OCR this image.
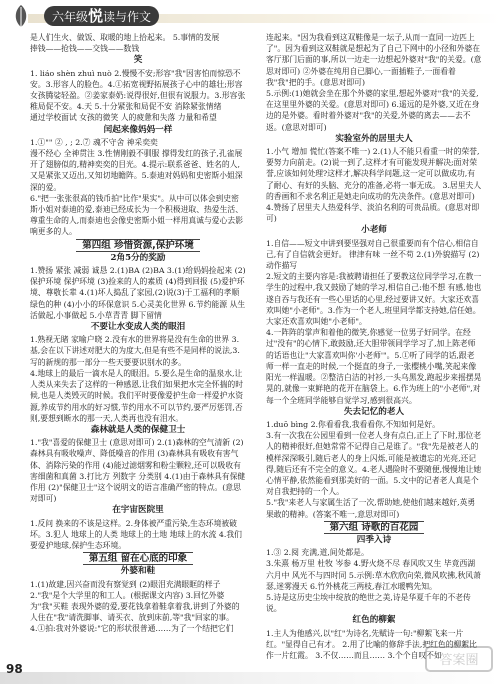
六年级悦读与作文

是人们生火、做饭、取暖的地上拾起来。 5.事情的发展

捧钱——抢钱——交钱——数钱

笑

1. liáo shèn zhuì nuò 2.慢慢不安;形容"我"因害怕而惊恐不安。3.形容人的脸色。4.①拓宽视野拓展孩子心中的雄壮;形容女孩腾娑轻盈。②姜家泰奶:说得很好,但很有说服力。3.形容张稚局促不安。4.天 5.十分紧张和局促不安 消除紧张情绪

通过学校面试 女孩的微笑 人的疲惫和失落 力量和希望

闰起来像妈妈一样

1.①"" ② , ; 2.⑦ 魂不守舍 神采奕奕

漫不经心 全神贯注 3.性情刚毅不驯服 撑得发红的孩子,孔雀展开了翅膀似的,精神奕奕的目光。4.提示:联系爸爸、姓名的人,又是紧张又迈出,又知切地瞻阵。5.泰迪对妈妈和史密斯小姐深深的爱。

6."把一张张很高的钱币拍"比作"果实"。从中可以体会到史密斯小姐对泰迪的爱,泰迪已经成长为一个积极进取、热爱生活、尊重生命的人,而泰迪也会像史密斯小姐一样用真诚与爱心去影响更多的人。

第四组 珍惜资源,保护环境
2角5分的奖励

1.赞扬 紧张 减弱 诚恳 2.(1)BA (2)BA 3.(1)给妈妈捡起来 (2)保护环境 保护环境 (3)捡来的人的素质 (4)得到回报 (5)爱护环境、尊敬长辈 4.(1)坏人捣乱了家园,(2)说(3)于工福利的孝顺 绿色的种 (4)小小的环保意识 5.心灵美化世界 6.节约能源 从生活做起,小事做起 5.小草青青 脚下留情

不要让水变成人类的眼泪

1.熟视无睹 家喻户晓 2.没有水的世界将是没有生命的世界 3.基,会在以下讲述对肥大的为度大,但是有些不是同样的说法,3.写的新规的那一部分一些天要要识别水的多。

4.地球上的最后一滴水是人的眼泪。5.要么是生命的温泉水,让人类从来失去了这样的一种感恩,让我们如果把水完全怀揣的时候,也是人类毁灭的时候。我们平时要像爱护生命一样爱护水资源,养成节约用水的好习惯,节约用水不可以节约,要严厉惩罚,否则,要想到断水的那一天,人类再也没有泪水。

森林就是人类的保健卫士

1."我"喜爱的保健卫士 (意思对即可) 2.(1)森林的空气清新 (2)森林具有吸收噪声、降低噪音的作用 (3)森林具有吸收有害气体、消除污染的作用 (4)能过滤烟雾和粉尘颗粒,还可以吸收有害细菌和真菌 3.打比方 列数字 分类别 4.(1)由于森林具有保健作用 (2)"保健卫士"这个说明文的语言准确严密的特点。(意思对即可)

在宇宙医院里

1.反问 换来的不该是这样。2.身体被严重污染,生态环境被破坏。3.犯人 地球上的人类 地球上的土地 地球上的水流 4.我们要爱护地球,保护生态环境。

第五组 留在心底的印象
外婆和鞋

1.(1)故建,因兴奋而没有察觉到 (2)眼泪充满眼眶的样子 2."我"是个大学里的和工人。(根据课文内容) 3.回忆外婆为"我"买鞋 表现外婆的爱,要花钱拿着鞋拿着我,讲到了外婆的人住在"我"请洗脚事、请买衣、放到床前,等"我"回家的事。4.①拍:我对外婆说:"它的形状很普通……为了一个结把它们

连起来。"因为我看到这双鞋像是一坛子,从而一直同一边匹上了"。因为看到这双鞋就是想起为了自己下网中的小径和外婆在客厅那门后面的事,所以一边走一边想起外婆对"我"的关爱。(意思对即可) ②外婆在纯用自已脚心,一面插鞋子,一面看着我"我"把的手。(意思对即可)

5.示例:(1)她就会坐在那个外婆的家里,想起外婆对"我"的关爱,在这里里外婆的关爱。(意思对即可) 6.遥远的是外婆,又近在身边的是外婆。看时着外婆对"我"的关爱,外婆的离去——去不返。(意思对即可)

实验室外的居里夫人

1.小气 增加 慌忙(答案不唯一) 2.(1)人不能只看重一时的荣誉,要努力向前走。(2)说一到了,这样才有可能发现并解决;面对荣誉,应该如何处理?这样才,解决科学问题,这一定可以做成功,有了耐心、有好的头脑、充分的准备,必将一事无成。 3.居里夫人的香画和不求名利正是她走向成功的先决条件。(意思对即可) 4.赞扬了居里夫人热爱科学、淡泊名利的可贵品质。(意思对即可)

小老师

1.自信——短文中讲到要坚强对自己很重要而有个信心,相信自己,有了自信就会更好。 律津有味 一丝不苟 2.(1)外貌描写 (2)动作描写

2.短文的主要内容是:我被聘请担任了要教这位同学学习,在教一学生的过程中,我又鼓励了她的学习,相信自己:他不想 有感,他也遂自吞与我还有一些心里话的心里,经过要讲又好。大家还欢喜欢叫她"小老师"。3.作为一个老人,班里同学都支持她,信任她。大家还欢喜欢叫她"小老师"。

4.一阵阵的掌声和着他的微笑,你感觉一位男子好同学。在经过"没有"的心情下,敢鼓励,还大胆带领同学学习了,加上陈老师的话语也让"大家喜欢叫你'小老师'"。5.①听了同学的话,跟老师一样一直走的时候,一个挺直的身子,一张樱桃小嘴,笑起来像阳光一样温暖。②整洁白洁的衬衫,一头乌黑发,跑起步来摇摆晃晃的,就像一束鲜艳的花开在脑袋上。6.作为班上的"小老师",对每一个全班同学能够自觉学习,感到很高兴。

失去记忆的老人

1.duō bìng 2.你看看我,我看看你,不知如何是好。

3.有一次我在公园里看到一位老人身有点白,正上了下时,那位老人的精神很好,但她常常不记得自己是谁了。"我"先是被老人的模样深深吸引,随后老人的身上闪烁,可能是被遗忘的光亮,还记得,随后还有不完全的意义。4.老人遇险时不要随便,慢慢地让她心情平静,依然能看到那美好的一面。5.文中的记者老人真是个对自我把持的一个人。

5."我"来老人与家属生活了一次,帮助她,使他们越来越好,英勇果敢的精神。(答案不唯一,意思对即可)

第六组 诗歌的百花园
四季入诗

1.③ 2.阅 充满,道,间处都是。

3.朱熹 杨万里 杜牧 岑参 4.野火烧不尽 春风吹又生 毕竟西湖六月中 风光不与四时同 5.示例:草木欣欣向荣,微风吹拂,秋风萧瑟,迷雾漫天 6.竹外桃花三两枝,春江水暖鸭先知。

5.诗是这历史尘埃中绽放的绝世之美,诗是华夏千年的不老传说。

红色的柳絮

1.主人为他感兴,以"红"为诗名,先赋诗一句:"柳絮飞来一片红。"显得自己有才。 2.用了比喻的修辞手法,把红色的柳絮比作一片红霞。 3.不仅……而且…… 3.个个自叹不如

98
答案圈
